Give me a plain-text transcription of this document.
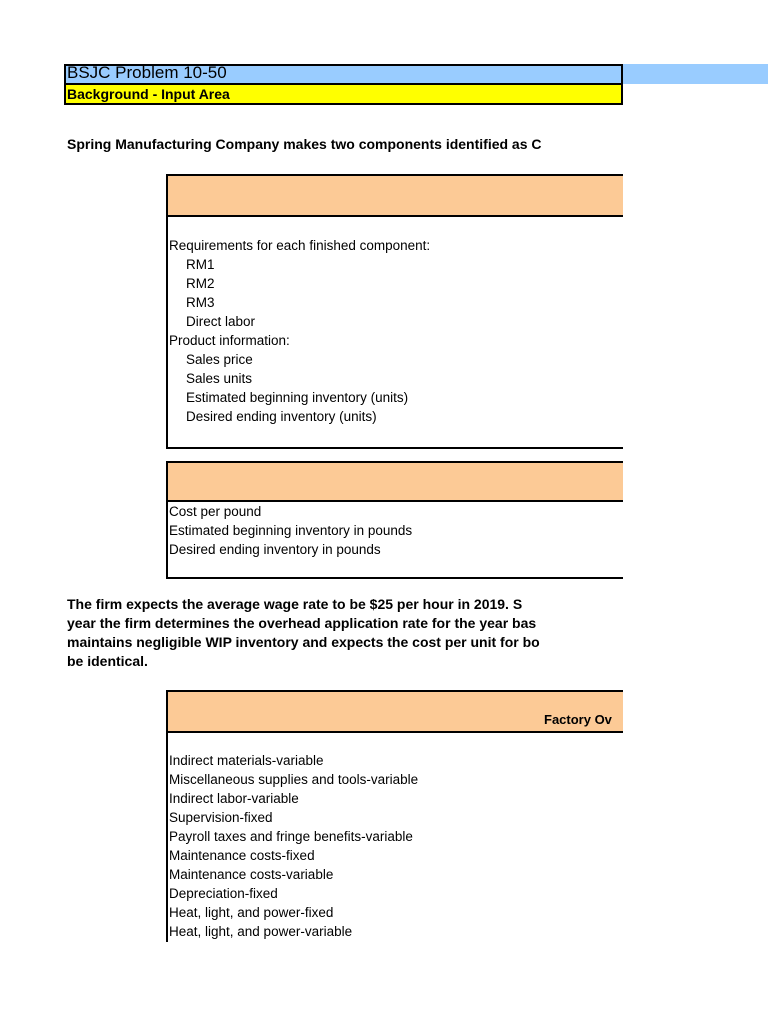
BSJC Problem 10-50
Background - Input Area
Spring Manufacturing Company makes two components identified as C
Requirements for each finished component:
RM1
RM2
RM3
Direct labor
Product information:
Sales price
Sales units
Estimated beginning inventory (units)
Desired ending inventory (units)
Cost per pound
Estimated beginning inventory in pounds
Desired ending inventory in pounds
The firm expects the average wage rate to be $25 per hour in 2019. S
year the firm determines the overhead application rate for the year bas
maintains negligible WIP inventory and expects the cost per unit for bo
be identical.
Factory Ov
Indirect materials-variable
Miscellaneous supplies and tools-variable
Indirect labor-variable
Supervision-fixed
Payroll taxes and fringe benefits-variable
Maintenance costs-fixed
Maintenance costs-variable
Depreciation-fixed
Heat, light, and power-fixed
Heat, light, and power-variable
